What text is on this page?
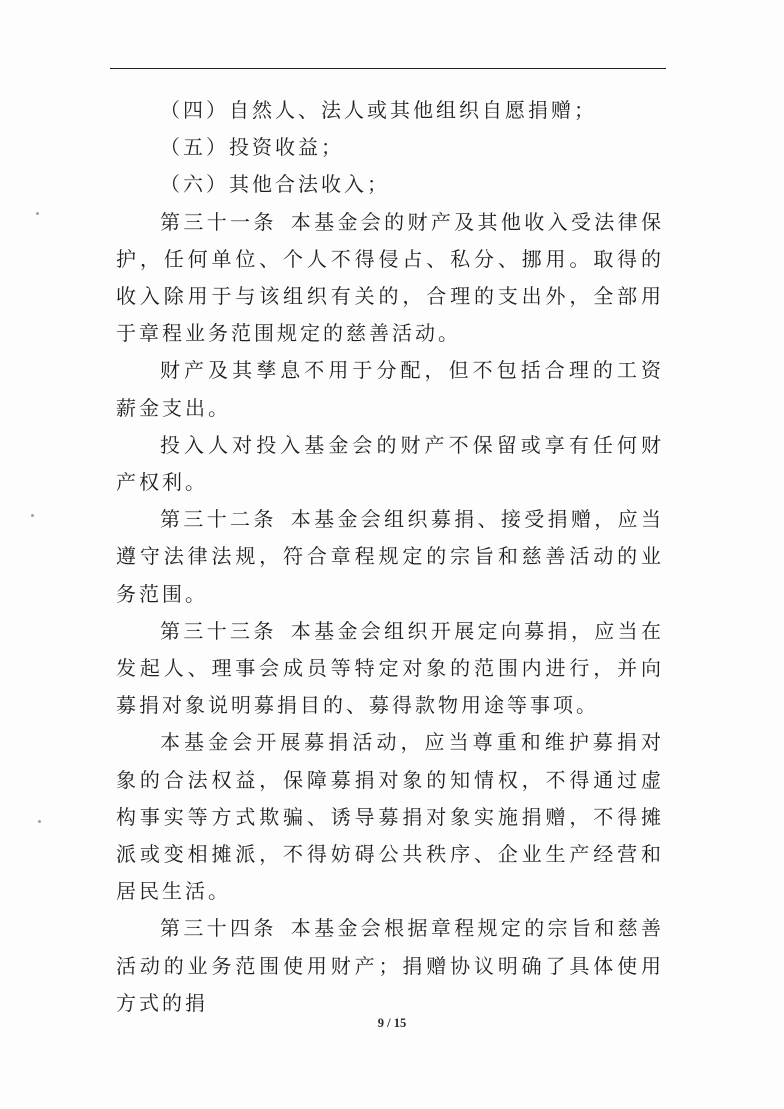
（四）自然人、法人或其他组织自愿捐赠；

（五）投资收益；

（六）其他合法收入；

第三十一条 本基金会的财产及其他收入受法律保护，任何单位、个人不得侵占、私分、挪用。取得的收入除用于与该组织有关的，合理的支出外，全部用于章程业务范围规定的慈善活动。

财产及其孳息不用于分配，但不包括合理的工资薪金支出。

投入人对投入基金会的财产不保留或享有任何财产权利。

第三十二条 本基金会组织募捐、接受捐赠，应当遵守法律法规，符合章程规定的宗旨和慈善活动的业务范围。

第三十三条 本基金会组织开展定向募捐，应当在发起人、理事会成员等特定对象的范围内进行，并向募捐对象说明募捐目的、募得款物用途等事项。

本基金会开展募捐活动，应当尊重和维护募捐对象的合法权益，保障募捐对象的知情权，不得通过虚构事实等方式欺骗、诱导募捐对象实施捐赠，不得摊派或变相摊派，不得妨碍公共秩序、企业生产经营和居民生活。

第三十四条 本基金会根据章程规定的宗旨和慈善活动的业务范围使用财产；捐赠协议明确了具体使用方式的捐

9 / 15
